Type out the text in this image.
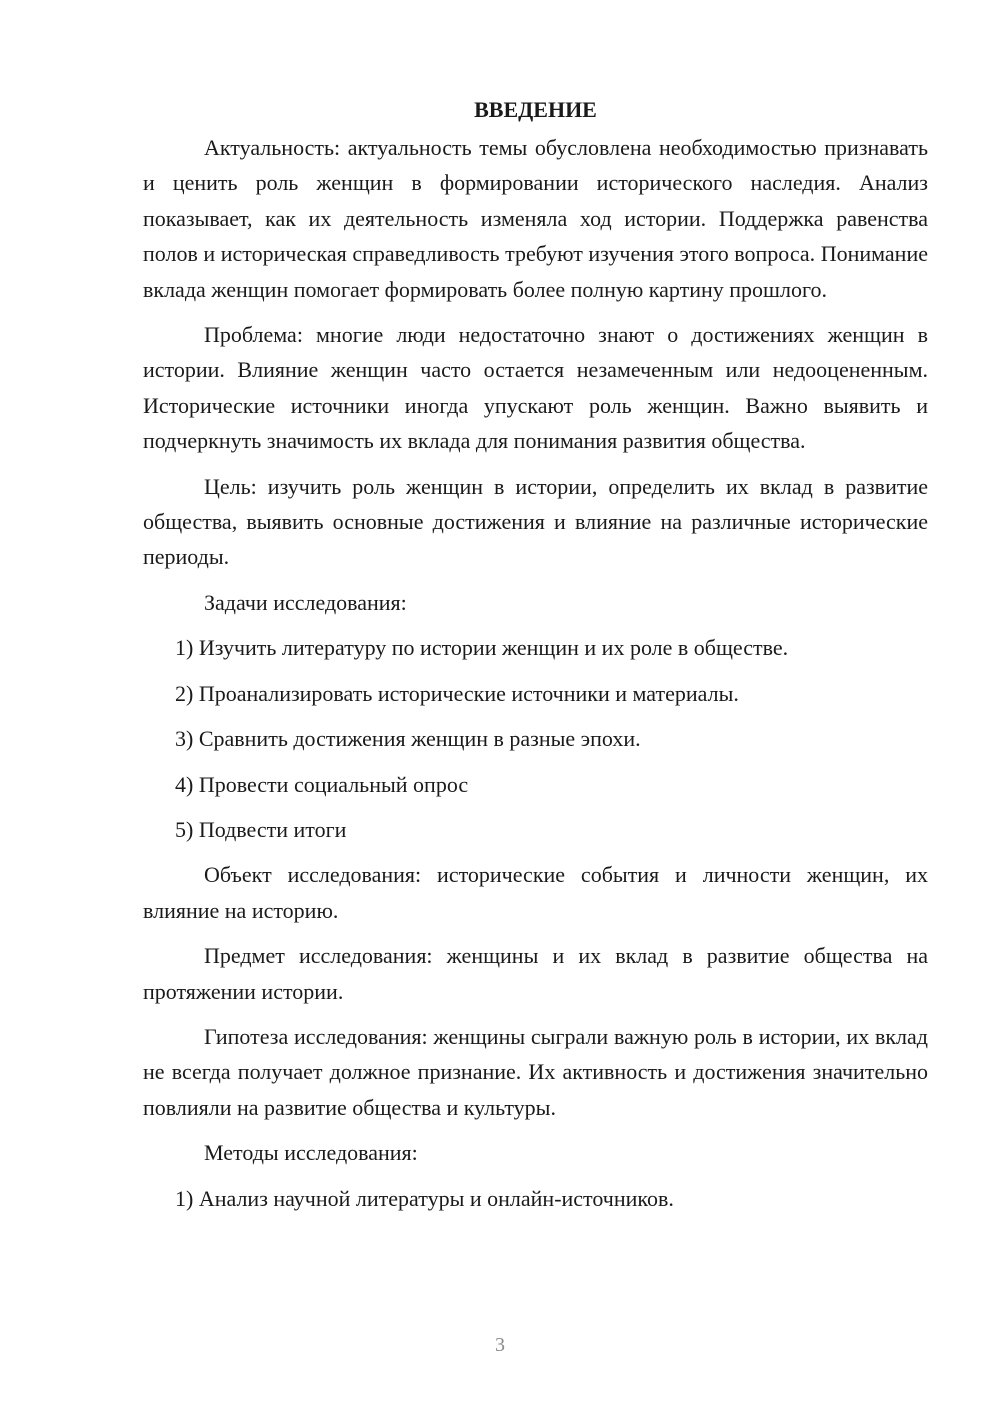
ВВЕДЕНИЕ

Актуальность: актуальность темы обусловлена необходимостью признавать и ценить роль женщин в формировании исторического наследия. Анализ показывает, как их деятельность изменяла ход истории. Поддержка равенства полов и историческая справедливость требуют изучения этого вопроса. Понимание вклада женщин помогает формировать более полную картину прошлого.

Проблема: многие люди недостаточно знают о достижениях женщин в истории. Влияние женщин часто остается незамеченным или недооцененным. Исторические источники иногда упускают роль женщин. Важно выявить и подчеркнуть значимость их вклада для понимания развития общества.

Цель: изучить роль женщин в истории, определить их вклад в развитие общества, выявить основные достижения и влияние на различные исторические периоды.

Задачи исследования:

1) Изучить литературу по истории женщин и их роле в обществе.

2) Проанализировать исторические источники и материалы.

3) Сравнить достижения женщин в разные эпохи.

4) Провести социальный опрос

5) Подвести итоги

Объект исследования: исторические события и личности женщин, их влияние на историю.

Предмет исследования: женщины и их вклад в развитие общества на протяжении истории.

Гипотеза исследования: женщины сыграли важную роль в истории, их вклад не всегда получает должное признание. Их активность и достижения значительно повлияли на развитие общества и культуры.

Методы исследования:

1) Анализ научной литературы и онлайн-источников.

3
